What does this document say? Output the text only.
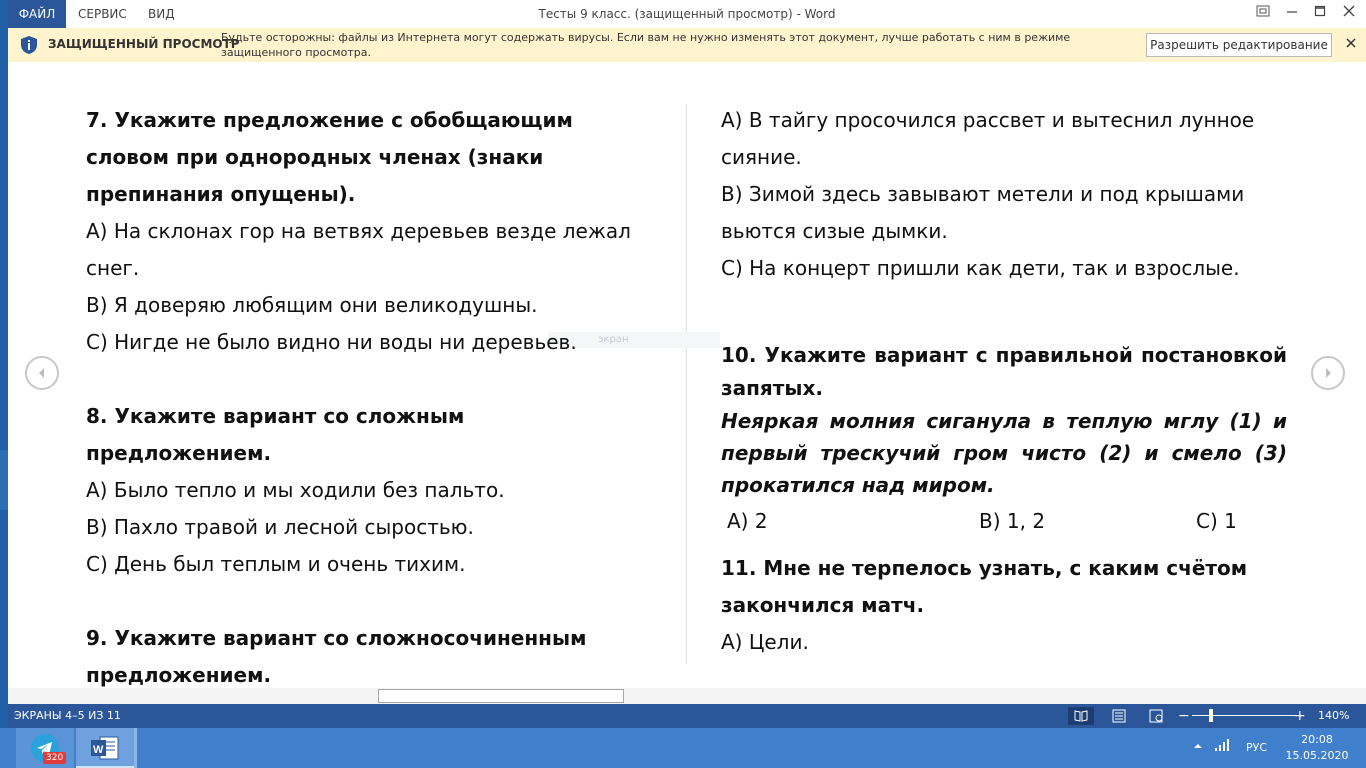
Тесты 9 класс. (защищенный просмотр) - Word
ФАЙЛ	СЕРВИС ВИД
ЗАЩИЩЕННЫЙ ПРОСМОТР
Будьте осторожны: файлы из Интернета могут содержать вирусы. Если вам не нужно изменять этот документ, лучше работать с ним в режиме защищенного просмотра.
Разрешить редактирование
экран

7. Укажите предложение с обобщающим

словом при однородных членах (знаки

препинания опущены).

А) На склонах гор на ветвях деревьев везде лежал

снег.

В) Я доверяю любящим они великодушны.

С) Нигде не было видно ни воды ни деревьев.

8. Укажите вариант со сложным предложением.

А) Было тепло и мы ходили без пальто.

В) Пахло травой и лесной сыростью.

С) День был теплым и очень тихим.

9. Укажите вариант со сложносочиненным

предложением.

А) В тайгу просочился рассвет и вытеснил лунное

сияние.

В) Зимой здесь завывают метели и под крышами

вьются сизые дымки.

С) На концерт пришли как дети, так и взрослые.

10. Укажите вариант с правильной постановкой

запятых.

Неяркая молния сиганула в теплую мглу (1) и

первый трескучий гром чисто (2) и смело (3)

прокатился над миром.

А) 2	В) 1, 2	С) 1

11. Мне не терпелось узнать, с каким счётом

закончился матч.

А) Цели.

ЭКРАНЫ 4–5 ИЗ 11	−	+ 140%
320
W	РУС
20:08
15.05.2020
